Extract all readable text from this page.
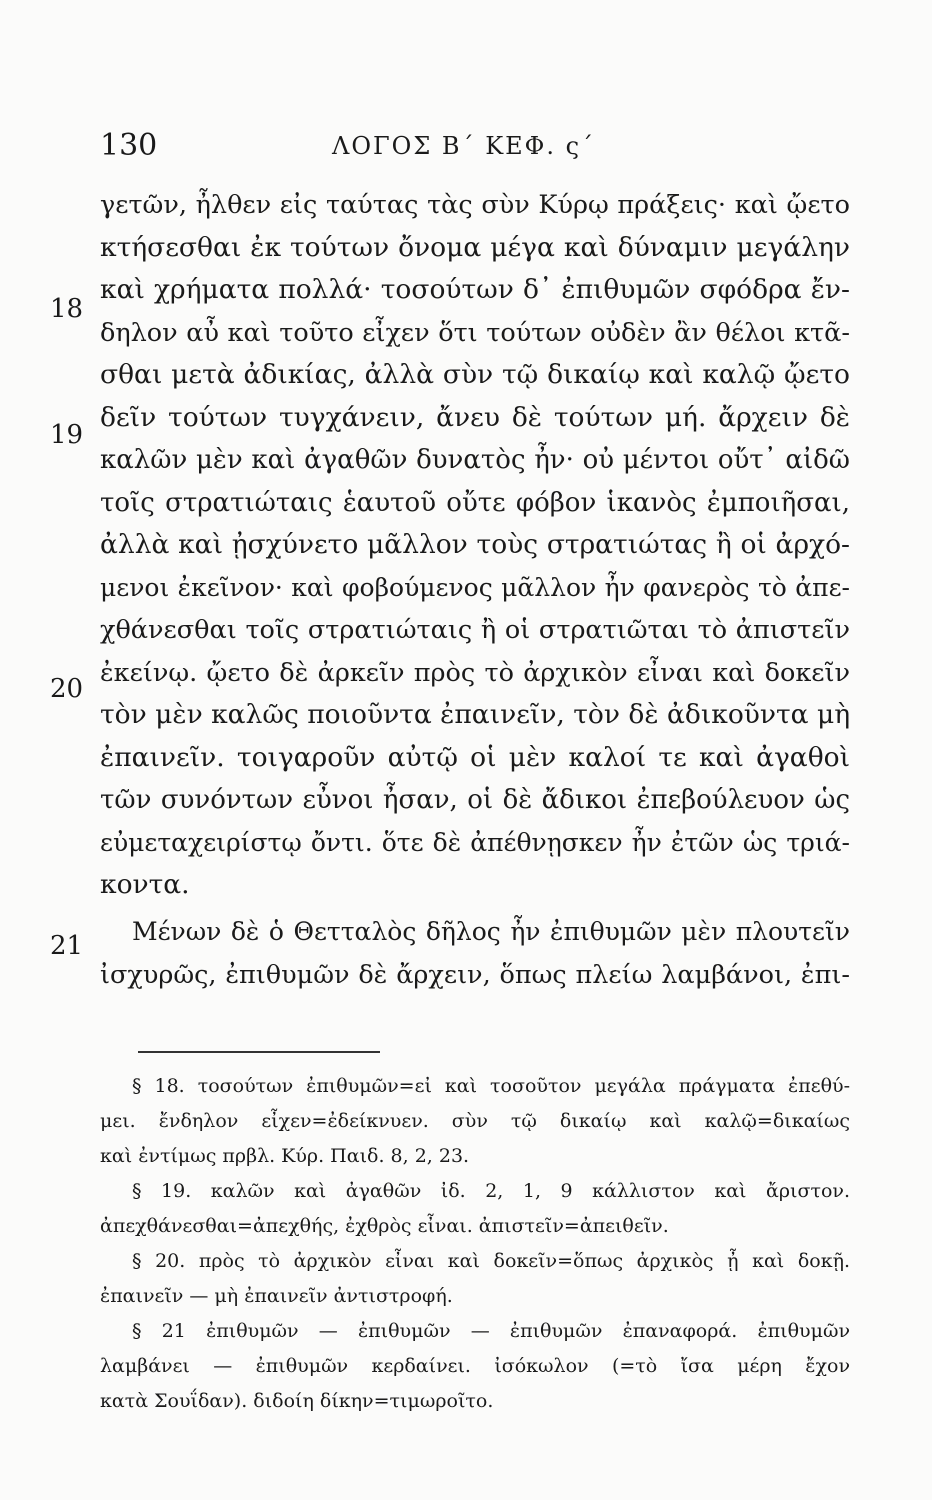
130	ΛΟΓΟΣ Β΄ ΚΕΦ. ς΄
18
19
20
21
γετῶν, ἦλθεν εἰς ταύτας τὰς σὺν Κύρῳ πράξεις· καὶ ᾤετο
κτήσεσθαι ἐκ τούτων ὄνομα μέγα καὶ δύναμιν μεγάλην
καὶ χρήματα πολλά· τοσούτων δ᾽ ἐπιθυμῶν σφόδρα ἔν-
δηλον αὖ καὶ τοῦτο εἶχεν ὅτι τούτων οὐδὲν ἂν θέλοι κτᾶ-
σθαι μετὰ ἀδικίας, ἀλλὰ σὺν τῷ δικαίῳ καὶ καλῷ ᾤετο
δεῖν τούτων τυγχάνειν, ἄνευ δὲ τούτων μή. ἄρχειν δὲ
καλῶν μὲν καὶ ἀγαθῶν δυνατὸς ἦν· οὐ μέντοι οὔτ᾽ αἰδῶ
τοῖς στρατιώταις ἑαυτοῦ οὔτε φόβον ἱκανὸς ἐμποιῆσαι,
ἀλλὰ καὶ ᾐσχύνετο μᾶλλον τοὺς στρατιώτας ἢ οἱ ἀρχό-
μενοι ἐκεῖνον· καὶ φοβούμενος μᾶλλον ἦν φανερὸς τὸ ἀπε-
χθάνεσθαι τοῖς στρατιώταις ἢ οἱ στρατιῶται τὸ ἀπιστεῖν
ἐκείνῳ. ᾤετο δὲ ἀρκεῖν πρὸς τὸ ἀρχικὸν εἶναι καὶ δοκεῖν
τὸν μὲν καλῶς ποιοῦντα ἐπαινεῖν, τὸν δὲ ἀδικοῦντα μὴ
ἐπαινεῖν. τοιγαροῦν αὐτῷ οἱ μὲν καλοί τε καὶ ἀγαθοὶ
τῶν συνόντων εὖνοι ἦσαν, οἱ δὲ ἄδικοι ἐπεβούλευον ὡς
εὐμεταχειρίστῳ ὄντι. ὅτε δὲ ἀπέθνῃσκεν ἦν ἐτῶν ὡς τριά-
κοντα.
Μένων δὲ ὁ Θετταλὸς δῆλος ἦν ἐπιθυμῶν μὲν πλουτεῖν
ἰσχυρῶς, ἐπιθυμῶν δὲ ἄρχειν, ὅπως πλείω λαμβάνοι, ἐπι-
§ 18. τοσούτων ἐπιθυμῶν=εἰ καὶ τοσοῦτον μεγάλα πράγματα ἐπεθύ-
μει. ἔνδηλον εἶχεν=ἐδείκνυεν. σὺν τῷ δικαίῳ καὶ καλῷ=δικαίως
καὶ ἐντίμως πρβλ. Κύρ. Παιδ. 8, 2, 23.
§ 19. καλῶν καὶ ἀγαθῶν ἰδ. 2, 1, 9 κάλλιστον καὶ ἄριστον.
ἀπεχθάνεσθαι=ἀπεχθής, ἐχθρὸς εἶναι. ἀπιστεῖν=ἀπειθεῖν.
§ 20. πρὸς τὸ ἀρχικὸν εἶναι καὶ δοκεῖν=ὅπως ἀρχικὸς ᾖ καὶ δοκῇ.
ἐπαινεῖν — μὴ ἐπαινεῖν ἀντιστροφή.
§ 21 ἐπιθυμῶν — ἐπιθυμῶν — ἐπιθυμῶν ἐπαναφορά. ἐπιθυμῶν
λαμβάνει — ἐπιθυμῶν κερδαίνει. ἰσόκωλον (=τὸ ἴσα μέρη ἔχον
κατὰ Σουΐδαν). διδοίη δίκην=τιμωροῖτο.
